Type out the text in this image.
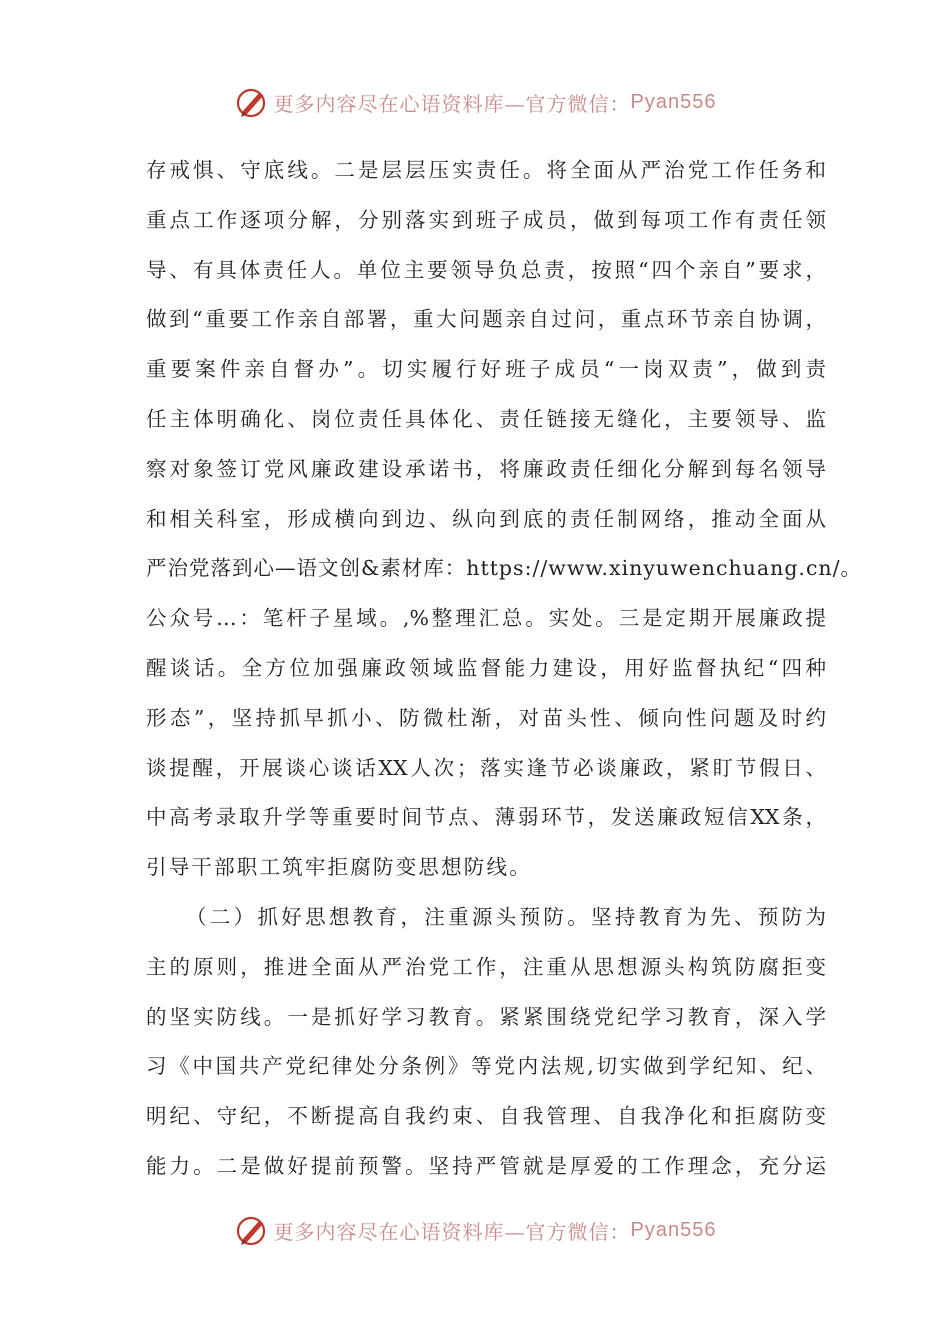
更多内容尽在心语资料库—官方微信： Pyan556
存戒惧、守底线。二是层层压实责任。将全面从严治党工作任务和
重点工作逐项分解，分别落实到班子成员，做到每项工作有责任领
导、有具体责任人。单位主要领导负总责，按照“四个亲自”要求，
做到“重要工作亲自部署，重大问题亲自过问，重点环节亲自协调，
重要案件亲自督办”。切实履行好班子成员“一岗双责”，做到责
任主体明确化、岗位责任具体化、责任链接无缝化，主要领导、监
察对象签订党风廉政建设承诺书，将廉政责任细化分解到每名领导
和相关科室，形成横向到边、纵向到底的责任制网络，推动全面从
严治党落到心—语文创&素材库：https://www.xinyuwenchuang.cn/。
公众号…：笔杆子星域。,%整理汇总。实处。三是定期开展廉政提
醒谈话。全方位加强廉政领域监督能力建设，用好监督执纪“四种
形态”，坚持抓早抓小、防微杜渐，对苗头性、倾向性问题及时约
谈提醒，开展谈心谈话XX人次；落实逢节必谈廉政，紧盯节假日、
中高考录取升学等重要时间节点、薄弱环节，发送廉政短信XX条，
引导干部职工筑牢拒腐防变思想防线。
（二）抓好思想教育，注重源头预防。坚持教育为先、预防为
主的原则，推进全面从严治党工作，注重从思想源头构筑防腐拒变
的坚实防线。一是抓好学习教育。紧紧围绕党纪学习教育，深入学
习《中国共产党纪律处分条例》等党内法规,切实做到学纪知、纪、
明纪、守纪，不断提高自我约束、自我管理、自我净化和拒腐防变
能力。二是做好提前预警。坚持严管就是厚爱的工作理念，充分运
更多内容尽在心语资料库—官方微信： Pyan556
